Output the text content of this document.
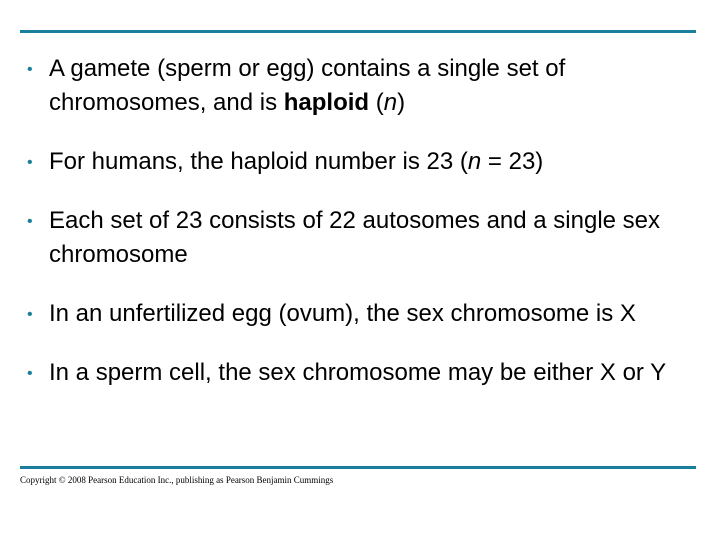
• A gamete (sperm or egg) contains a single set of chromosomes, and is haploid (n)
• For humans, the haploid number is 23 (n = 23)
• Each set of 23 consists of 22 autosomes and a single sex chromosome
• In an unfertilized egg (ovum), the sex chromosome is X
• In a sperm cell, the sex chromosome may be either X or Y
Copyright © 2008 Pearson Education Inc., publishing as Pearson Benjamin Cummings
